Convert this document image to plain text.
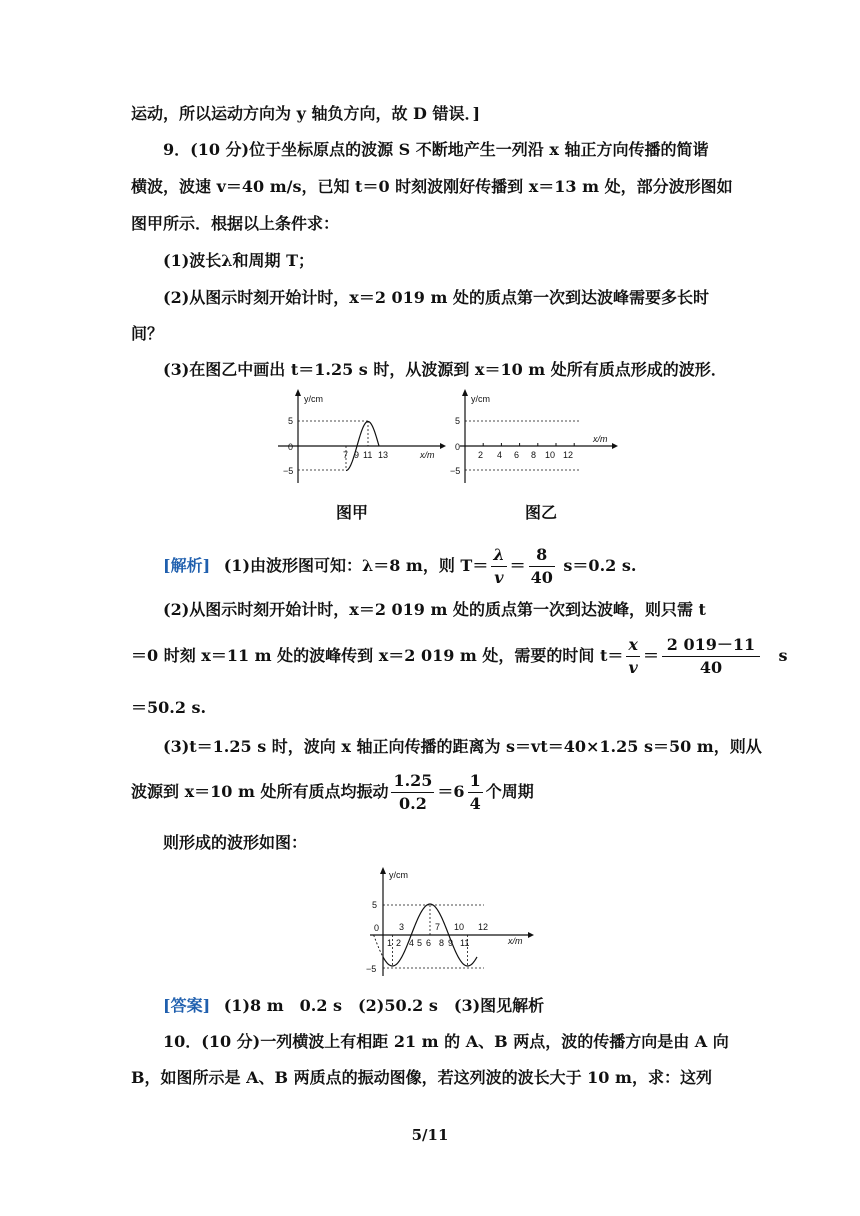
运动，所以运动方向为 y 轴负方向，故 D 错误．]
9．(10 分)位于坐标原点的波源 S 不断地产生一列沿 x 轴正方向传播的简谐
横波，波速 v＝40 m/s，已知 t＝0 时刻波刚好传播到 x＝13 m 处，部分波形图如
图甲所示．根据以上条件求：
(1)波长λ和周期 T；
(2)从图示时刻开始计时，x＝2 019 m 处的质点第一次到达波峰需要多长时
间？
(3)在图乙中画出 t＝1.25 s 时，从波源到 x＝10 m 处所有质点形成的波形．
y/cm
x/m
5
0
−5
7 9 11 13
y/cm
x/m
5
0
−5
2 4 6 8 10 12
图甲	图乙
[解析] (1)由波形图可知：λ＝8 m，则 $T= \frac{\lambda}{v} = \frac{8}{40} s=0.2$ s.
(2)从图示时刻开始计时，x＝2 019 m 处的质点第一次到达波峰，则只需 t
＝0 时刻 x＝11 m 处的波峰传到 x＝2 019 m 处，需要的时间 $t= \frac{x}{v} = \frac{2 019-11}{40}$ s
＝50.2 s.
(3)t＝1.25 s 时，波向 x 轴正向传播的距离为 s＝vt＝40×1.25 s＝50 m，则从
波源到 x＝10 m 处所有质点均振动 $\frac{1.25}{0.2} =6 \frac{1}{4}$ 个周期
则形成的波形如图：
y/cm
x/m
5
0
−5
3	7 10 12
1 2 4 5 6 8 9 11
[答案] (1)8 m　0.2 s　(2)50.2 s　(3)图见解析
10．(10 分)一列横波上有相距 21 m 的 A、B 两点，波的传播方向是由 A 向
B，如图所示是 A、B 两质点的振动图像，若这列波的波长大于 10 m，求：这列
5/11
